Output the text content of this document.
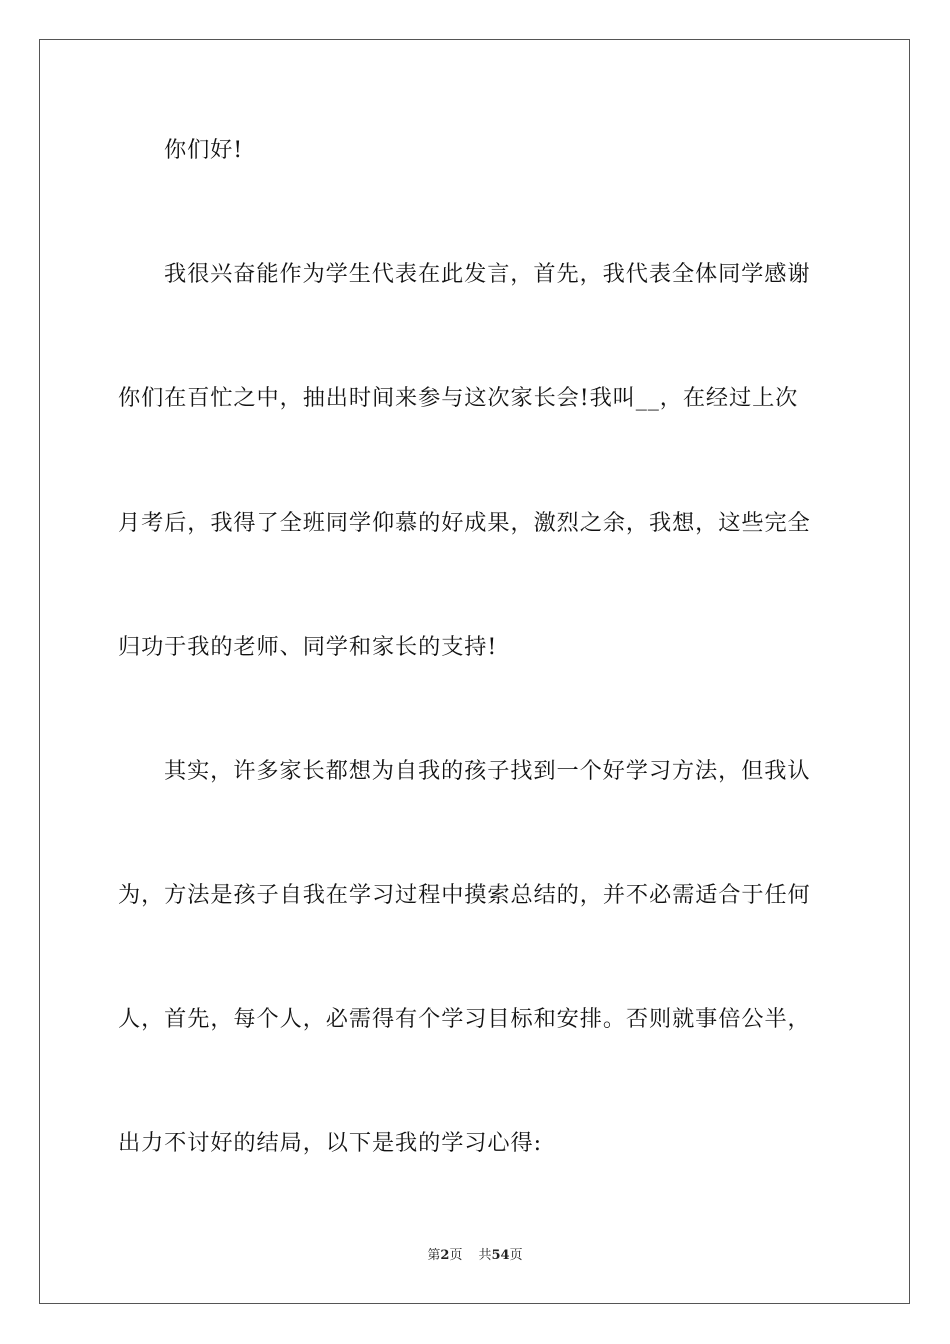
你们好!
我很兴奋能作为学生代表在此发言，首先，我代表全体同学感谢
你们在百忙之中，抽出时间来参与这次家长会!我叫__，在经过上次
月考后，我得了全班同学仰慕的好成果，激烈之余，我想，这些完全
归功于我的老师、同学和家长的支持!
其实，许多家长都想为自我的孩子找到一个好学习方法，但我认
为，方法是孩子自我在学习过程中摸索总结的，并不必需适合于任何
人，首先，每个人，必需得有个学习目标和安排。否则就事倍公半，
出力不讨好的结局，以下是我的学习心得:
第2页 共54页
